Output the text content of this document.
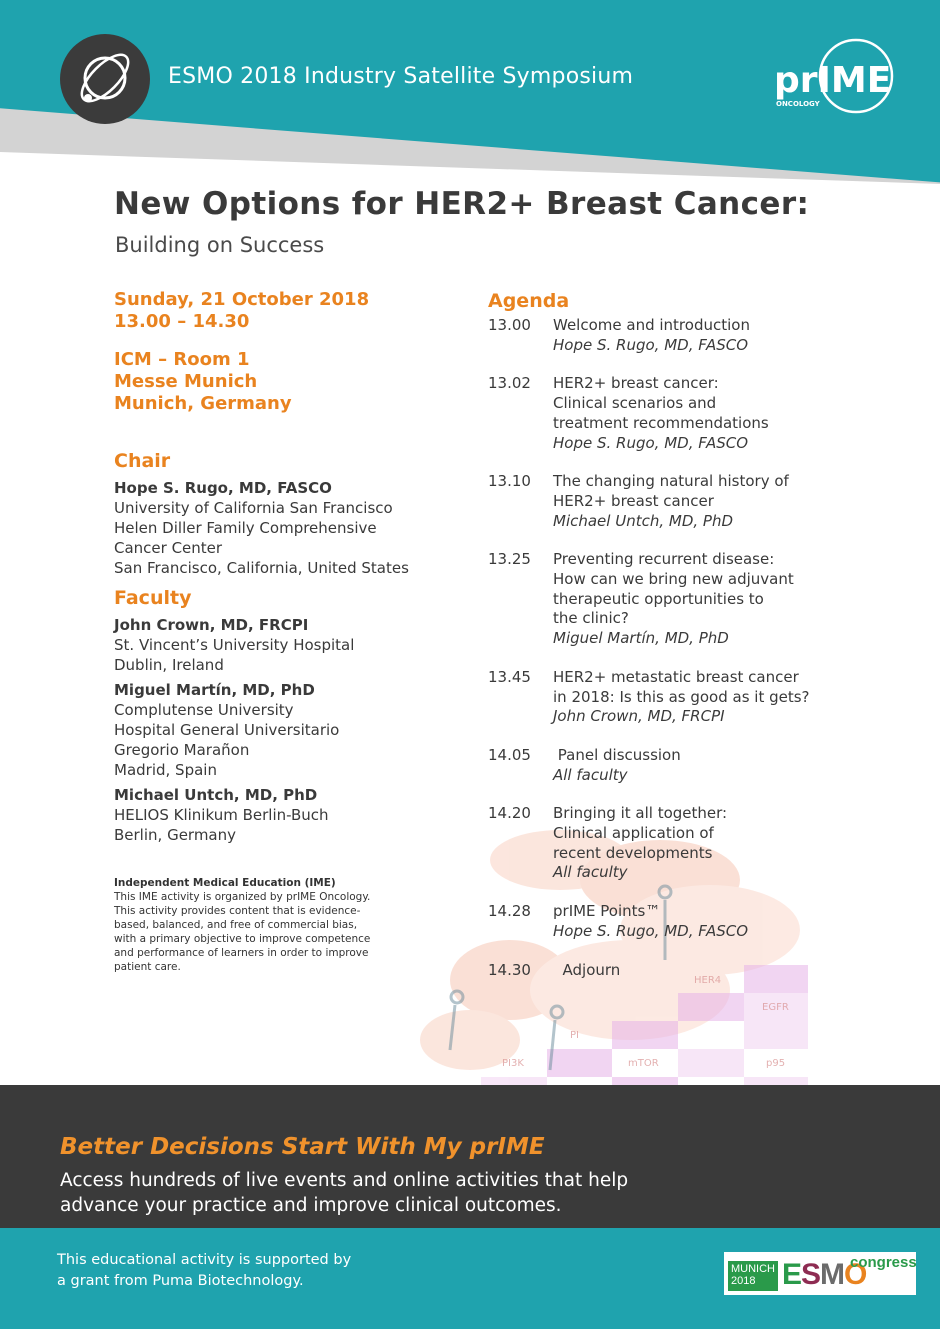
ESMO 2018 Industry Satellite Symposium	prIME
ONCOLOGY
New Options for HER2+ Breast Cancer:
Building on Success
Sunday, 21 October 2018
13.00 – 14.30
ICM – Room 1
Messe Munich
Munich, Germany
Chair
Hope S. Rugo, MD, FASCO
University of California San Francisco
Helen Diller Family Comprehensive
Cancer Center
San Francisco, California, United States
Faculty
John Crown, MD, FRCPI
St. Vincent’s University Hospital
Dublin, Ireland
Miguel Martín, MD, PhD
Complutense University
Hospital General Universitario
Gregorio Marañon
Madrid, Spain
Michael Untch, MD, PhD
HELIOS Klinikum Berlin-Buch
Berlin, Germany
Independent Medical Education (IME)
This IME activity is organized by prIME Oncology.
This activity provides content that is evidence-
based, balanced, and free of commercial bias,
with a primary objective to improve competence
and performance of learners in order to improve
patient care.
HER4
EGFR
PI
PI3K	mTOR	p95
Agenda
13.00	Welcome and introduction
Hope S. Rugo, MD, FASCO
13.02	HER2+ breast cancer:
Clinical scenarios and
treatment recommendations
Hope S. Rugo, MD, FASCO
13.10	The changing natural history of
HER2+ breast cancer
Michael Untch, MD, PhD
13.25	Preventing recurrent disease:
How can we bring new adjuvant
therapeutic opportunities to
the clinic?
Miguel Martín, MD, PhD
13.45	HER2+ metastatic breast cancer
in 2018: Is this as good as it gets?
John Crown, MD, FRCPI
14.05	Panel discussion
All faculty
14.20	Bringing it all together:
Clinical application of
recent developments
All faculty
14.28	prIME Points™
Hope S. Rugo, MD, FASCO
14.30	Adjourn
Better Decisions Start With My prIME
Access hundreds of live events and online activities that help advance your practice and improve clinical outcomes.
This educational activity is supported by a grant from Puma Biotechnology.
MUNICH 2018 ESMO
congress
